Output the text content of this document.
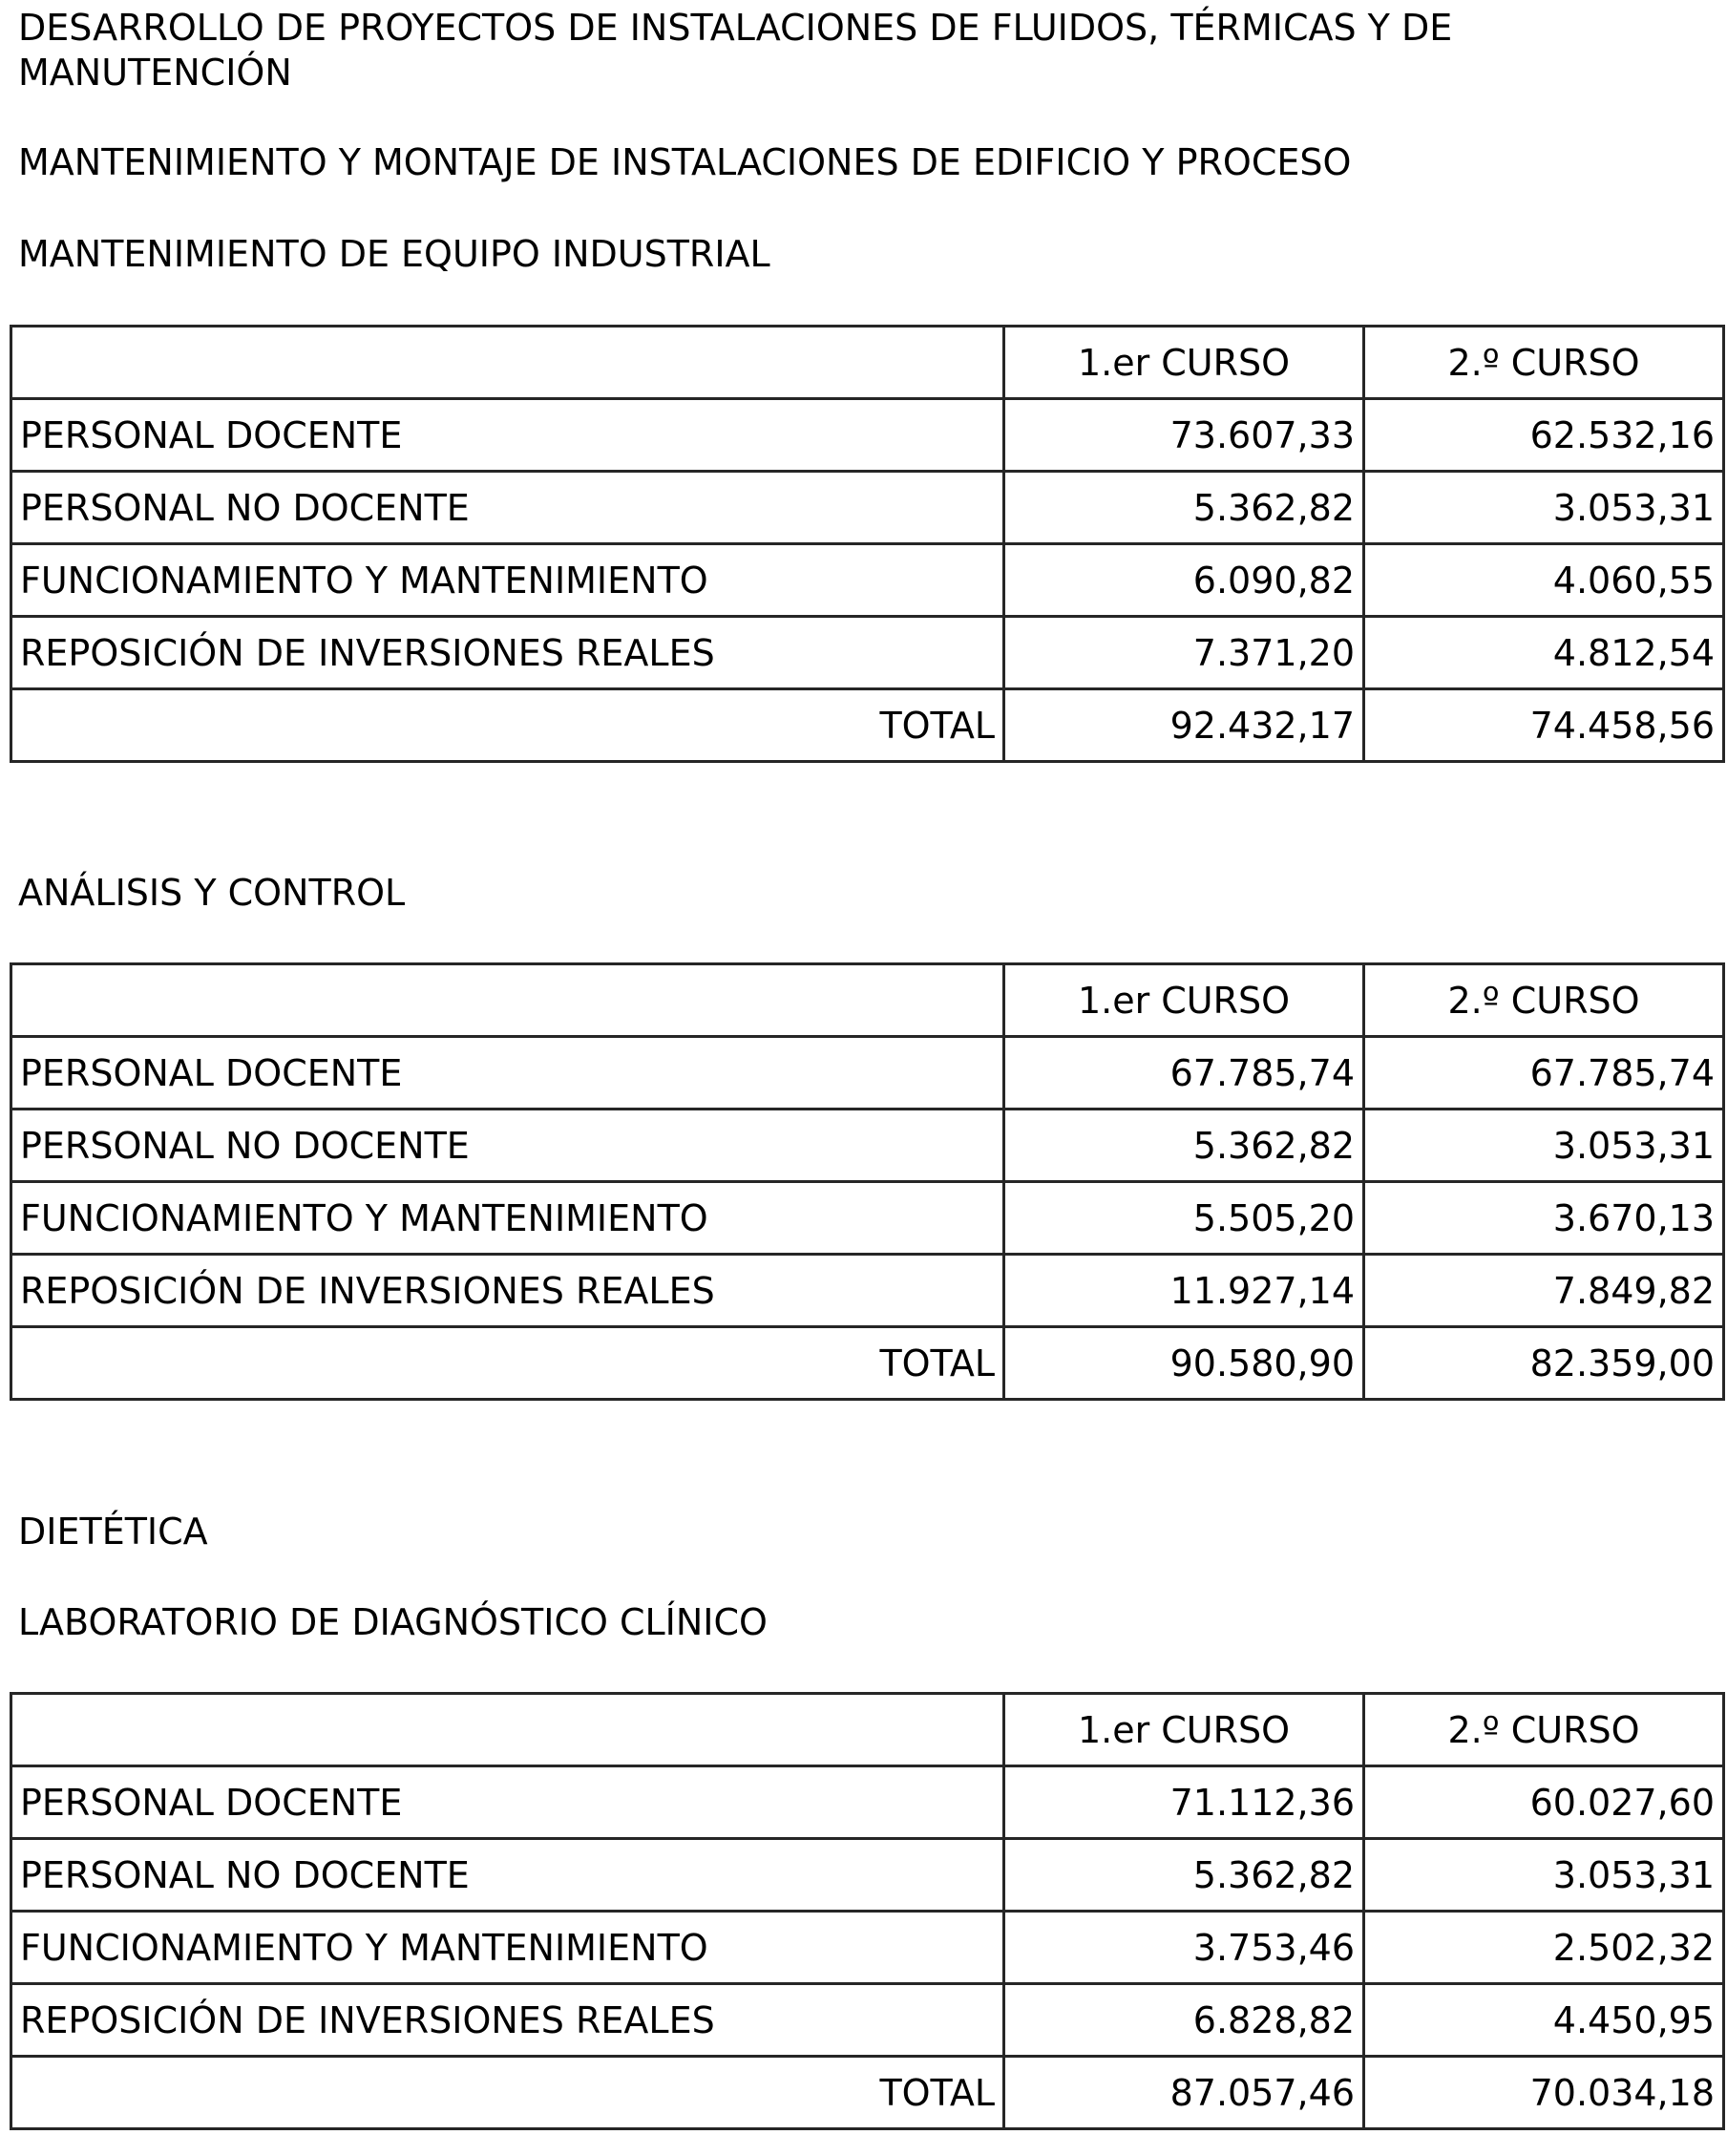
DESARROLLO DE PROYECTOS DE INSTALACIONES DE FLUIDOS, TÉRMICAS Y DE

MANUTENCIÓN

MANTENIMIENTO Y MONTAJE DE INSTALACIONES DE EDIFICIO Y PROCESO

MANTENIMIENTO DE EQUIPO INDUSTRIAL

	1.er CURSO	2.º CURSO
PERSONAL DOCENTE	73.607,33	62.532,16
PERSONAL NO DOCENTE	5.362,82	3.053,31
FUNCIONAMIENTO Y MANTENIMIENTO	6.090,82	4.060,55
REPOSICIÓN DE INVERSIONES REALES	7.371,20	4.812,54
TOTAL	92.432,17	74.458,56

ANÁLISIS Y CONTROL

	1.er CURSO	2.º CURSO
PERSONAL DOCENTE	67.785,74	67.785,74
PERSONAL NO DOCENTE	5.362,82	3.053,31
FUNCIONAMIENTO Y MANTENIMIENTO	5.505,20	3.670,13
REPOSICIÓN DE INVERSIONES REALES	11.927,14	7.849,82
TOTAL	90.580,90	82.359,00

DIETÉTICA

LABORATORIO DE DIAGNÓSTICO CLÍNICO

	1.er CURSO	2.º CURSO
PERSONAL DOCENTE	71.112,36	60.027,60
PERSONAL NO DOCENTE	5.362,82	3.053,31
FUNCIONAMIENTO Y MANTENIMIENTO	3.753,46	2.502,32
REPOSICIÓN DE INVERSIONES REALES	6.828,82	4.450,95
TOTAL	87.057,46	70.034,18
